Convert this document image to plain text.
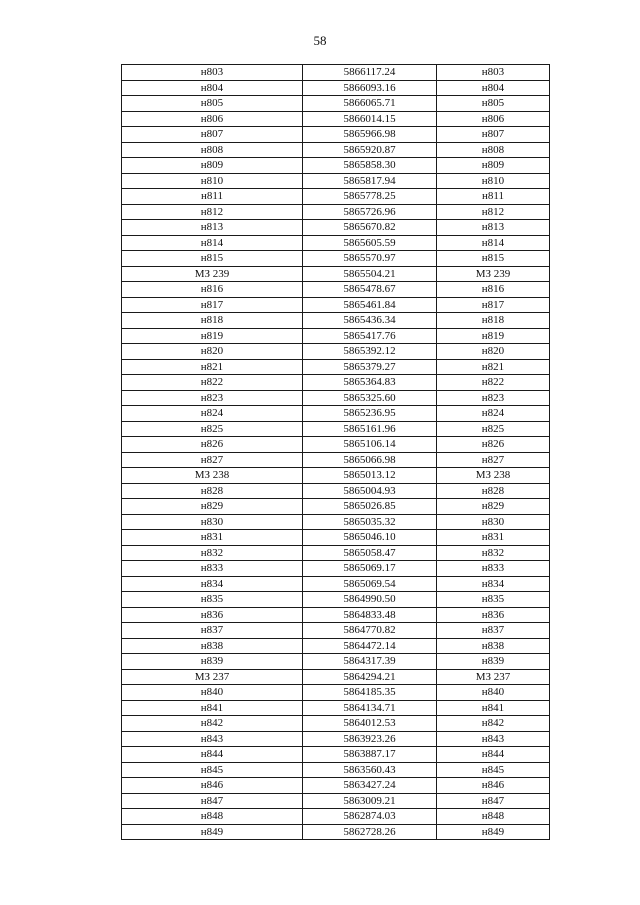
58
н803	5866117.24	н803
н804	5866093.16	н804
н805	5866065.71	н805
н806	5866014.15	н806
н807	5865966.98	н807
н808	5865920.87	н808
н809	5865858.30	н809
н810	5865817.94	н810
н811	5865778.25	н811
н812	5865726.96	н812
н813	5865670.82	н813
н814	5865605.59	н814
н815	5865570.97	н815
МЗ 239	5865504.21	МЗ 239
н816	5865478.67	н816
н817	5865461.84	н817
н818	5865436.34	н818
н819	5865417.76	н819
н820	5865392.12	н820
н821	5865379.27	н821
н822	5865364.83	н822
н823	5865325.60	н823
н824	5865236.95	н824
н825	5865161.96	н825
н826	5865106.14	н826
н827	5865066.98	н827
МЗ 238	5865013.12	МЗ 238
н828	5865004.93	н828
н829	5865026.85	н829
н830	5865035.32	н830
н831	5865046.10	н831
н832	5865058.47	н832
н833	5865069.17	н833
н834	5865069.54	н834
н835	5864990.50	н835
н836	5864833.48	н836
н837	5864770.82	н837
н838	5864472.14	н838
н839	5864317.39	н839
МЗ 237	5864294.21	МЗ 237
н840	5864185.35	н840
н841	5864134.71	н841
н842	5864012.53	н842
н843	5863923.26	н843
н844	5863887.17	н844
н845	5863560.43	н845
н846	5863427.24	н846
н847	5863009.21	н847
н848	5862874.03	н848
н849	5862728.26	н849
